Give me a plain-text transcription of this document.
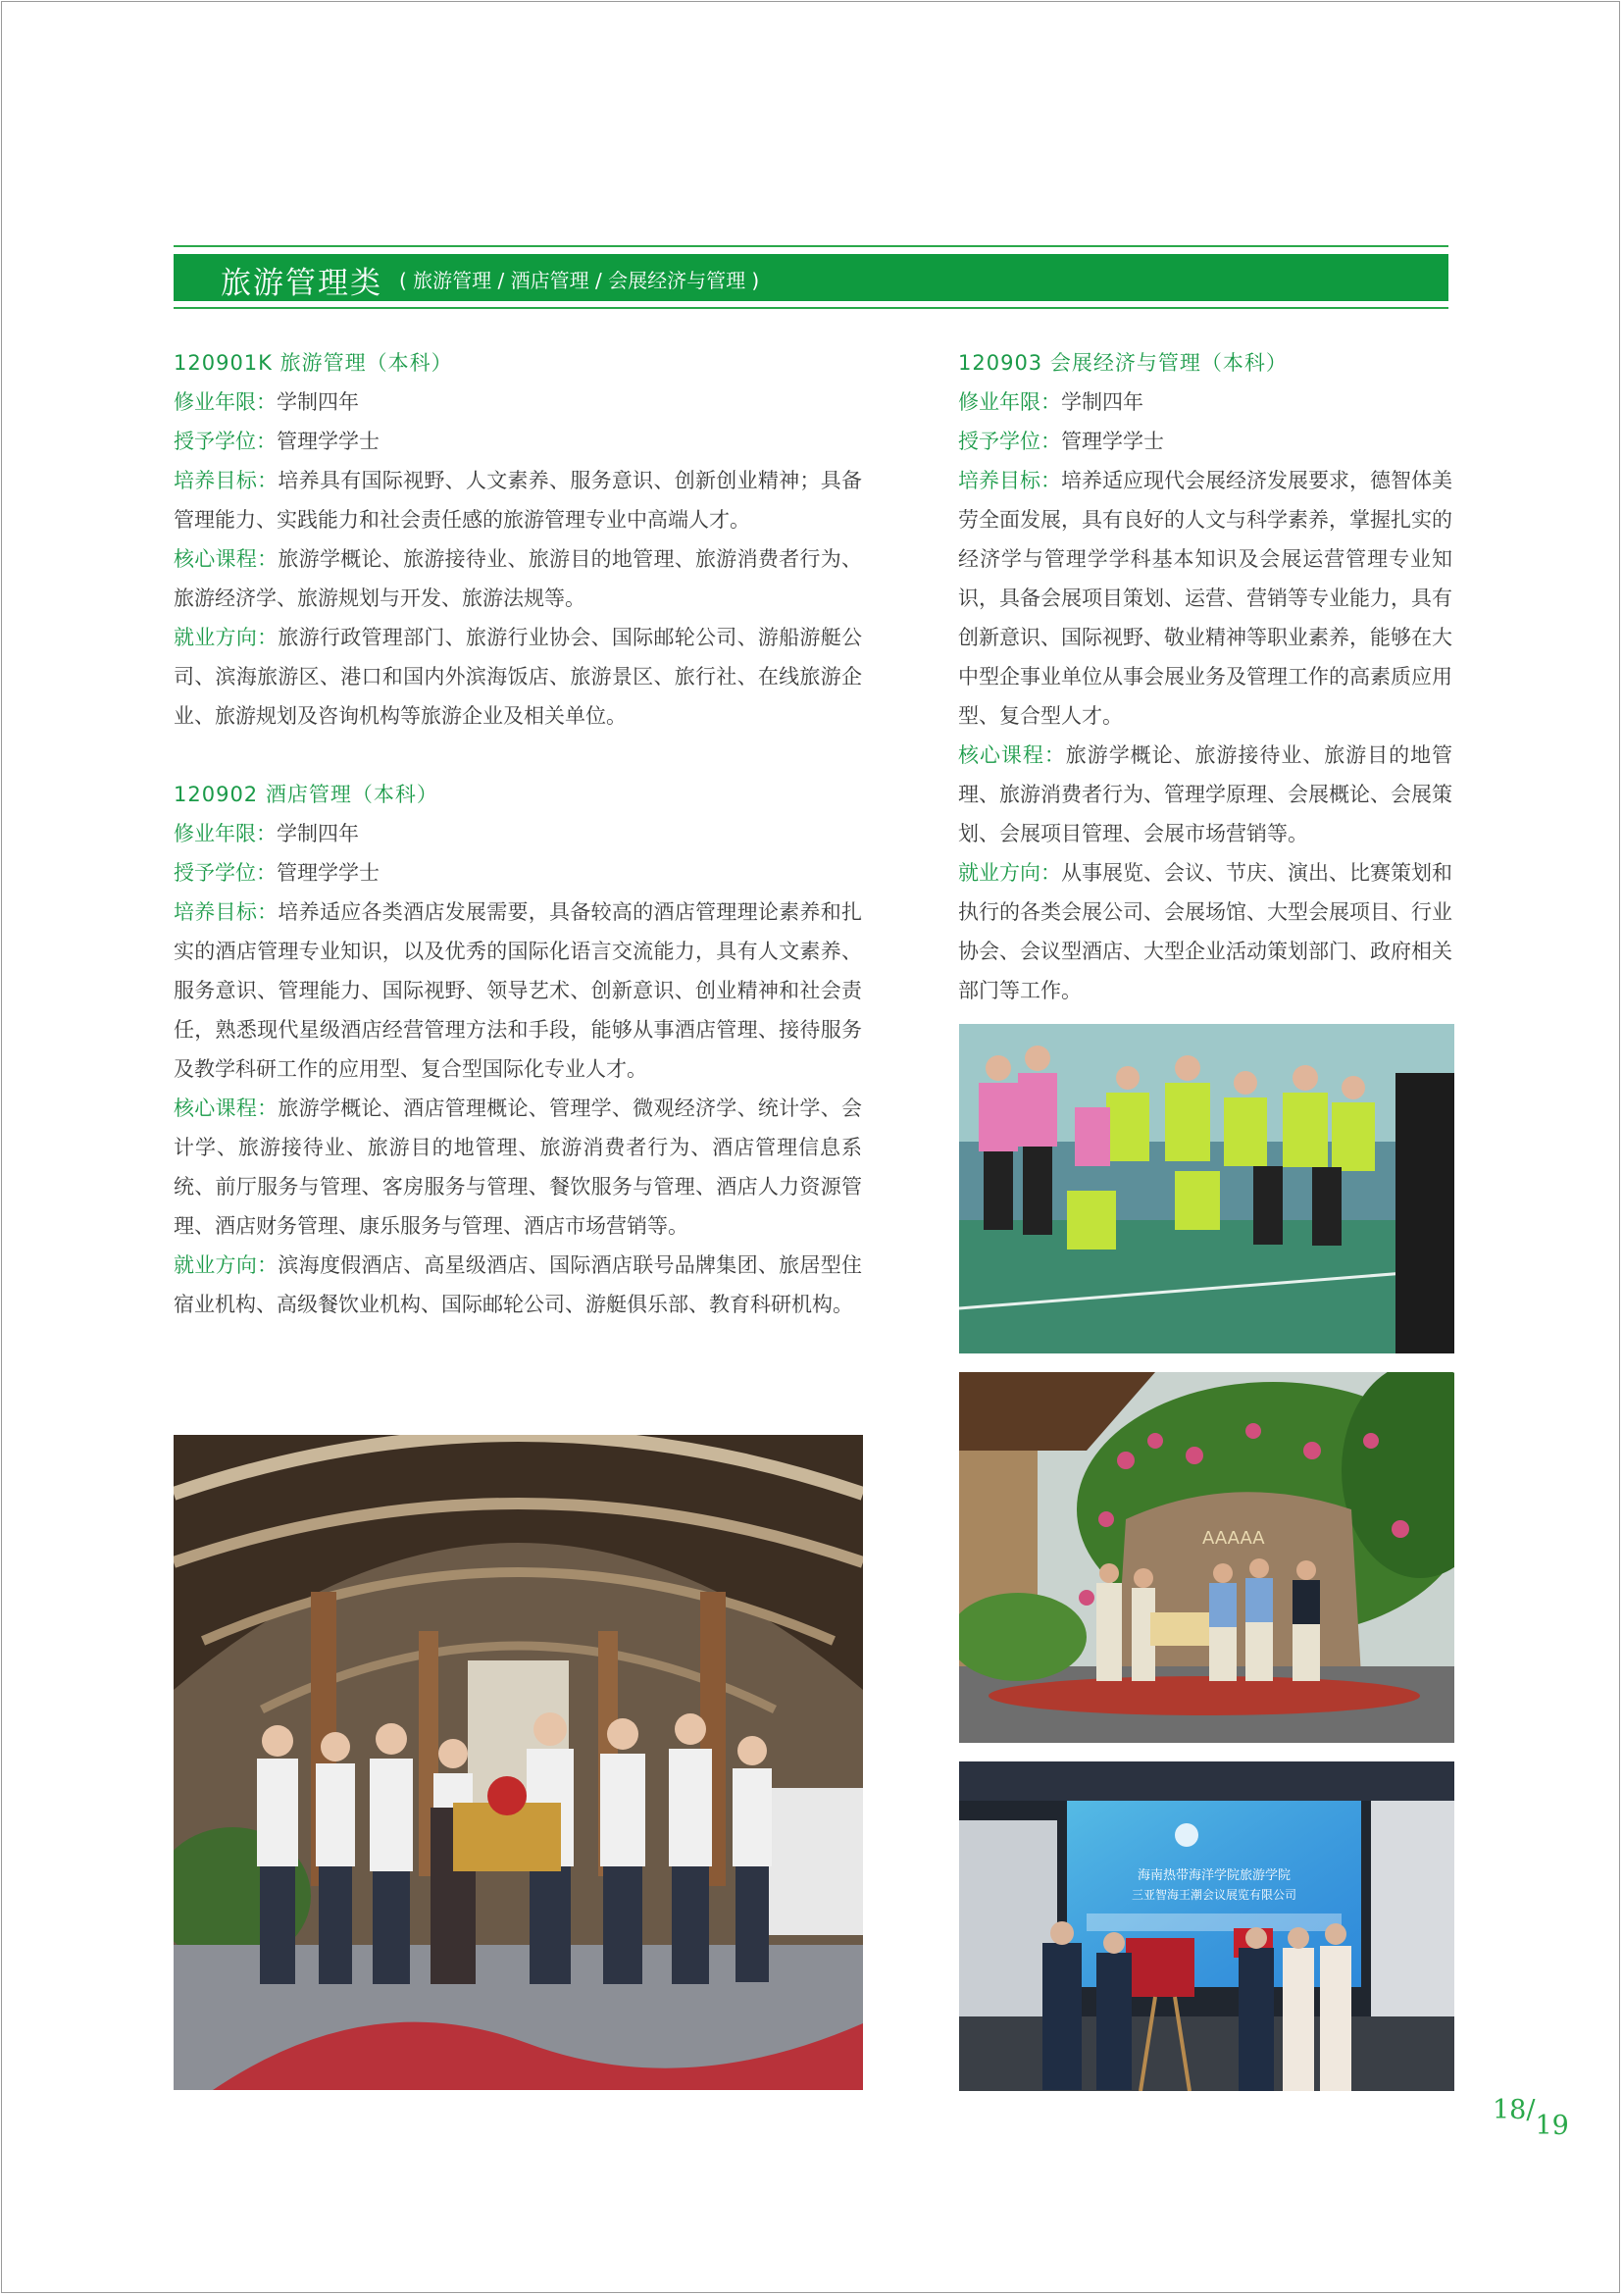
旅游管理类 ( 旅游管理 / 酒店管理 / 会展经济与管理 )
120901K 旅游管理（本科）

修业年限：学制四年

授予学位：管理学学士

培养目标：培养具有国际视野、人文素养、服务意识、创新创业精神；具备管理能力、实践能力和社会责任感的旅游管理专业中高端人才。

核心课程：旅游学概论、旅游接待业、旅游目的地管理、旅游消费者行为、旅游经济学、旅游规划与开发、旅游法规等。

就业方向：旅游行政管理部门、旅游行业协会、国际邮轮公司、游船游艇公司、滨海旅游区、港口和国内外滨海饭店、旅游景区、旅行社、在线旅游企业、旅游规划及咨询机构等旅游企业及相关单位。

120902 酒店管理（本科）

修业年限：学制四年

授予学位：管理学学士

培养目标：培养适应各类酒店发展需要，具备较高的酒店管理理论素养和扎实的酒店管理专业知识，以及优秀的国际化语言交流能力，具有人文素养、服务意识、管理能力、国际视野、领导艺术、创新意识、创业精神和社会责任，熟悉现代星级酒店经营管理方法和手段，能够从事酒店管理、接待服务及教学科研工作的应用型、复合型国际化专业人才。

核心课程：旅游学概论、酒店管理概论、管理学、微观经济学、统计学、会计学、旅游接待业、旅游目的地管理、旅游消费者行为、酒店管理信息系统、前厅服务与管理、客房服务与管理、餐饮服务与管理、酒店人力资源管理、酒店财务管理、康乐服务与管理、酒店市场营销等。

就业方向：滨海度假酒店、高星级酒店、国际酒店联号品牌集团、旅居型住宿业机构、高级餐饮业机构、国际邮轮公司、游艇俱乐部、教育科研机构。

120903 会展经济与管理（本科）

修业年限：学制四年

授予学位：管理学学士

培养目标：培养适应现代会展经济发展要求，德智体美劳全面发展，具有良好的人文与科学素养，掌握扎实的经济学与管理学学科基本知识及会展运营管理专业知识，具备会展项目策划、运营、营销等专业能力，具有创新意识、国际视野、敬业精神等职业素养，能够在大中型企事业单位从事会展业务及管理工作的高素质应用型、复合型人才。

核心课程：旅游学概论、旅游接待业、旅游目的地管理、旅游消费者行为、管理学原理、会展概论、会展策划、会展项目管理、会展市场营销等。

就业方向：从事展览、会议、节庆、演出、比赛策划和执行的各类会展公司、会展场馆、大型会展项目、行业协会、会议型酒店、大型企业活动策划部门、政府相关部门等工作。

AAAAA
海南热带海洋学院旅游学院
三亚智海王潮会议展览有限公司
18/19
